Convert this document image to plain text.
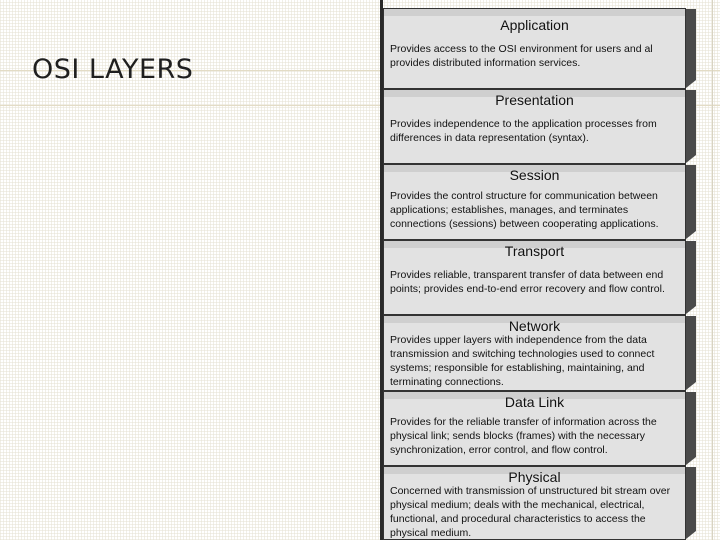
OSI LAYERS
Application
Provides access to the OSI environment for users and al
provides distributed information services.
Presentation
Provides independence to the application processes from
differences in data representation (syntax).
Session
Provides the control structure for communication between
applications; establishes, manages, and terminates
connections (sessions) between cooperating applications.
Transport
Provides reliable, transparent transfer of data between end
points; provides end-to-end error recovery and flow control.
Network
Provides upper layers with independence from the data
transmission and switching technologies used to connect
systems; responsible for establishing, maintaining, and
terminating connections.
Data Link
Provides for the reliable transfer of information across the
physical link; sends blocks (frames) with the necessary
synchronization, error control, and flow control.
Physical
Concerned with transmission of unstructured bit stream over
physical medium; deals with the mechanical, electrical,
functional, and procedural characteristics to access the
physical medium.
